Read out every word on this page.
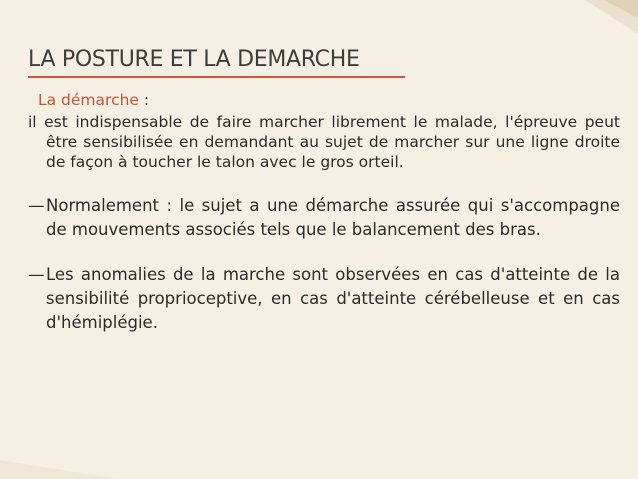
LA POSTURE ET LA DEMARCHE
La démarche :

il est indispensable de faire marcher librement le malade, l'épreuve peut être sensibilisée en demandant au sujet de marcher sur une ligne droite de façon à toucher le talon avec le gros orteil.

—Normalement : le sujet a une démarche assurée qui s'accompagne de mouvements associés tels que le balancement des bras.

—Les anomalies de la marche sont observées en cas d'atteinte de la sensibilité proprioceptive, en cas d'atteinte cérébelleuse et en cas d'hémiplégie.
